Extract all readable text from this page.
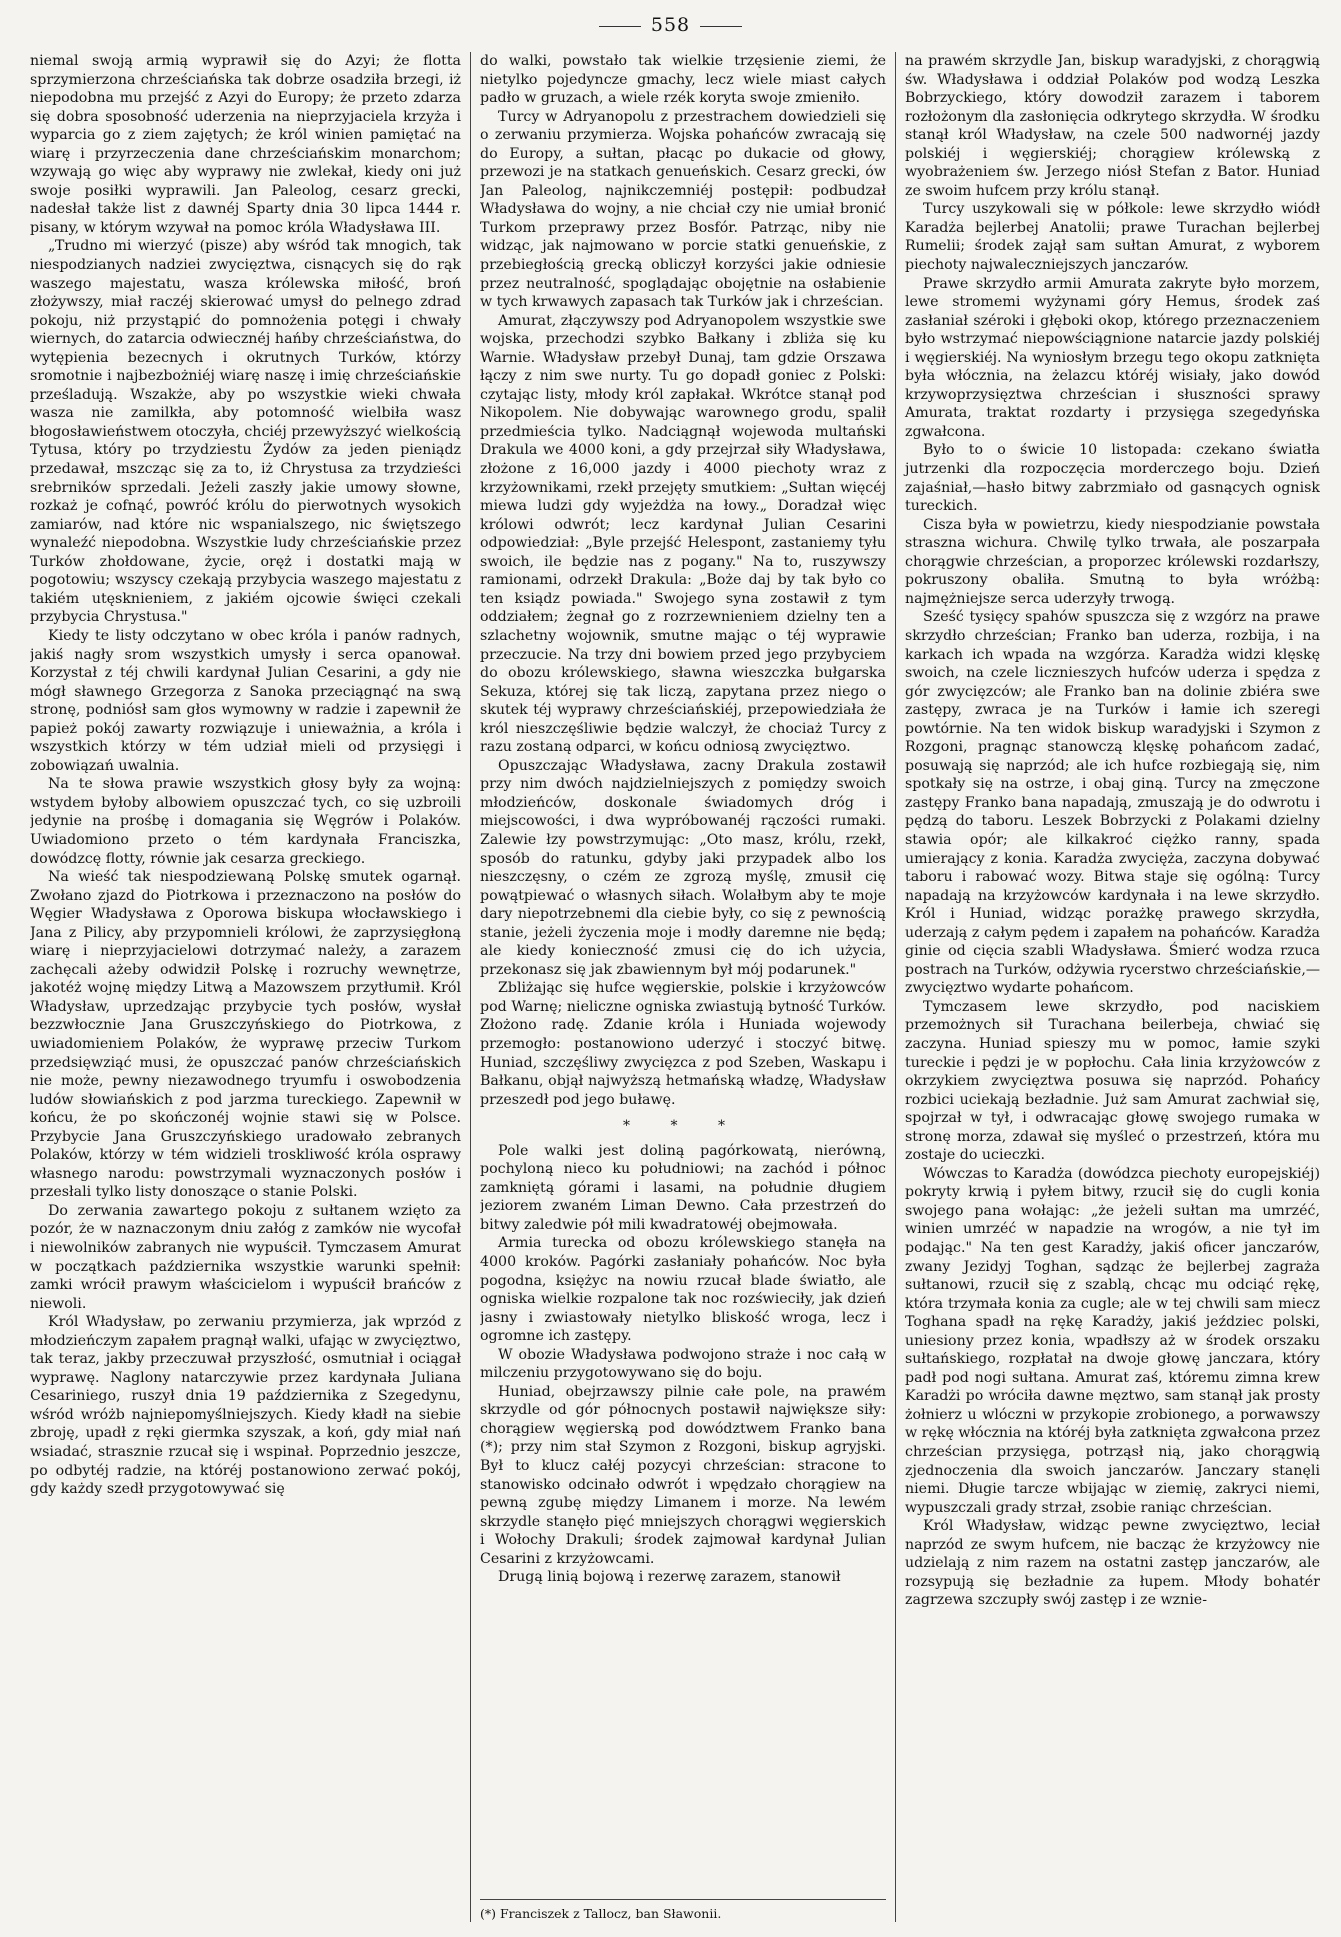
558

niemal swoją armią wyprawił się do Azyi; że flotta sprzymierzona chrześciańska tak dobrze osadziła brzegi, iż niepodobna mu przejść z Azyi do Europy; że przeto zdarza się dobra sposobność uderzenia na nieprzyjaciela krzyża i wyparcia go z ziem zajętych; że król winien pamiętać na wiarę i przyrzeczenia dane chrześciańskim monarchom; wzywają go więc aby wyprawy nie zwlekał, kiedy oni już swoje posiłki wyprawili. Jan Paleolog, cesarz grecki, nadesłał także list z dawnéj Sparty dnia 30 lipca 1444 r. pisany, w którym wzywał na pomoc króla Władysława III.

„Trudno mi wierzyć (pisze) aby wśród tak mnogich, tak niespodzianych nadziei zwycięztwa, cisnących się do rąk waszego majestatu, wasza królewska miłość, broń złożywszy, miał raczéj skierować umysł do pelnego zdrad pokoju, niż przystąpić do pomnożenia potęgi i chwały wiernych, do zatarcia odwiecznéj hańby chrześciaństwa, do wytępienia bezecnych i okrutnych Turków, którzy sromotnie i najbezbożniéj wiarę naszę i imię chrześciańskie prześladują. Wszakże, aby po wszystkie wieki chwała wasza nie zamilkła, aby potomność wielbiła wasz błogosławieństwem otoczyła, chciéj przewyższyć wielkością Tytusa, który po trzydziestu Żydów za jeden pieniądz przedawał, mszcząc się za to, iż Chrystusa za trzydzieści srebrników sprzedali. Jeżeli zaszły jakie umowy słowne, rozkaż je cofnąć, powróć królu do pierwotnych wysokich zamiarów, nad które nic wspanialszego, nic świętszego wynaleźć niepodobna. Wszystkie ludy chrześciańskie przez Turków zhołdowane, życie, oręż i dostatki mają w pogotowiu; wszyscy czekają przybycia waszego majestatu z takiém utęsknieniem, z jakiém ojcowie święci czekali przybycia Chrystusa."

Kiedy te listy odczytano w obec króla i panów radnych, jakiś nagły srom wszystkich umysły i serca opanował. Korzystał z téj chwili kardynał Julian Cesarini, a gdy nie mógł sławnego Grzegorza z Sanoka przeciągnąć na swą stronę, podniósł sam głos wymowny w radzie i zapewnił że papież pokój zawarty rozwiązuje i unieważnia, a króla i wszystkich którzy w tém udział mieli od przysięgi i zobowiązań uwalnia.

Na te słowa prawie wszystkich głosy były za wojną: wstydem byłoby albowiem opuszczać tych, co się uzbroili jedynie na prośbę i domagania się Węgrów i Polaków. Uwiadomiono przeto o tém kardynała Franciszka, dowódzcę flotty, równie jak cesarza greckiego.

Na wieść tak niespodziewaną Polskę smutek ogarnął. Zwołano zjazd do Piotrkowa i przeznaczono na posłów do Węgier Władysława z Oporowa biskupa włocławskiego i Jana z Pilicy, aby przypomnieli królowi, że zaprzysięgłoną wiarę i nieprzyjacielowi dotrzymać należy, a zarazem zachęcali ażeby odwidził Polskę i rozruchy wewnętrze, jakotéż wojnę między Litwą a Mazowszem przytłumił. Król Władysław, uprzedzając przybycie tych posłów, wysłał bezzwłocznie Jana Gruszczyńskiego do Piotrkowa, z uwiadomieniem Polaków, że wyprawę przeciw Turkom przedsięwziąć musi, że opuszczać panów chrześciańskich nie może, pewny niezawodnego tryumfu i oswobodzenia ludów słowiańskich z pod jarzma tureckiego. Zapewnił w końcu, że po skończonéj wojnie stawi się w Polsce. Przybycie Jana Gruszczyńskiego uradowało zebranych Polaków, którzy w tém widzieli troskliwość króla osprawy własnego narodu: powstrzymali wyznaczonych posłów i przesłali tylko listy donoszące o stanie Polski.

Do zerwania zawartego pokoju z sułtanem wzięto za pozór, że w naznaczonym dniu załóg z zamków nie wycofał i niewolników zabranych nie wypuścił. Tymczasem Amurat w początkach października wszystkie warunki spełnił: zamki wrócił prawym właścicielom i wypuścił brańców z niewoli.

Król Władysław, po zerwaniu przymierza, jak wprzód z młodzieńczym zapałem pragnął walki, ufając w zwycięztwo, tak teraz, jakby przeczuwał przyszłość, osmutniał i ociągał wyprawę. Naglony natarczywie przez kardynała Juliana Cesariniego, ruszył dnia 19 października z Szegedynu, wśród wróżb najniepomyślniejszych. Kiedy kładł na siebie zbroję, upadł z ręki giermka szyszak, a koń, gdy miał nań wsiadać, strasznie rzucał się i wspinał. Poprzednio jeszcze, po odbytéj radzie, na któréj postanowiono zerwać pokój, gdy każdy szedł przygotowywać się

do walki, powstało tak wielkie trzęsienie ziemi, że nietylko pojedyncze gmachy, lecz wiele miast całych padło w gruzach, a wiele rzék koryta swoje zmieniło.

Turcy w Adryanopolu z przestrachem dowiedzieli się o zerwaniu przymierza. Wojska pohańców zwracają się do Europy, a sułtan, płacąc po dukacie od głowy, przewozi je na statkach genueńskich. Cesarz grecki, ów Jan Paleolog, najnikczemniéj postępił: podbudzał Władysława do wojny, a nie chciał czy nie umiał bronić Turkom przeprawy przez Bosfór. Patrząc, niby nie widząc, jak najmowano w porcie statki genueńskie, z przebiegłością grecką obliczył korzyści jakie odniesie przez neutralność, spoglądając obojętnie na osłabienie w tych krwawych zapasach tak Turków jak i chrześcian.

Amurat, złączywszy pod Adryanopolem wszystkie swe wojska, przechodzi szybko Bałkany i zbliża się ku Warnie. Władysław przebył Dunaj, tam gdzie Orszawa łączy z nim swe nurty. Tu go dopadł goniec z Polski: czytając listy, młody król zapłakał. Wkrótce stanął pod Nikopolem. Nie dobywając warownego grodu, spalił przedmieścia tylko. Nadciągnął wojewoda multański Drakula we 4000 koni, a gdy przejrzał siły Władysława, złożone z 16,000 jazdy i 4000 piechoty wraz z krzyżownikami, rzekł przejęty smutkiem: „Sułtan więcéj miewa ludzi gdy wyjeżdża na łowy.„ Doradzał więc królowi odwrót; lecz kardynał Julian Cesarini odpowiedział: „Byle przejść Helespont, zastaniemy tyłu swoich, ile będzie nas z pogany." Na to, ruszywszy ramionami, odrzekł Drakula: „Boże daj by tak było co ten ksiądz powiada." Swojego syna zostawił z tym oddziałem; żegnał go z rozrzewnieniem dzielny ten a szlachetny wojownik, smutne mając o téj wyprawie przeczucie. Na trzy dni bowiem przed jego przybyciem do obozu królewskiego, sławna wieszczka bułgarska Sekuza, której się tak liczą, zapytana przez niego o skutek téj wyprawy chrześciańskiéj, przepowiedziała że król nieszczęśliwie będzie walczył, że chociaż Turcy z razu zostaną odparci, w końcu odniosą zwycięztwo.

Opuszczając Władysława, zacny Drakula zostawił przy nim dwóch najdzielniejszych z pomiędzy swoich młodzieńców, doskonale świadomych dróg i miejscowości, i dwa wypróbowanéj rączości rumaki. Zalewie łzy powstrzymując: „Oto masz, królu, rzekł, sposób do ratunku, gdyby jaki przypadek albo los nieszczęsny, o czém ze zgrozą myślę, zmusił cię powątpiewać o własnych siłach. Wolałbym aby te moje dary niepotrzebnemi dla ciebie były, co się z pewnością stanie, jeżeli życzenia moje i modły daremne nie będą; ale kiedy konieczność zmusi cię do ich użycia, przekonasz się jak zbawiennym był mój podarunek."

Zbliżając się hufce węgierskie, polskie i krzyżowców pod Warnę; nieliczne ogniska zwiastują bytność Turków. Złożono radę. Zdanie króla i Huniada wojewody przemogło: postanowiono uderzyć i stoczyć bitwę. Huniad, szczęśliwy zwycięzca z pod Szeben, Waskapu i Bałkanu, objął najwyższą hetmańską władzę, Władysław przeszedł pod jego buławę.

* * *

Pole walki jest doliną pagórkowatą, nierówną, pochyloną nieco ku południowi; na zachód i północ zamkniętą górami i lasami, na południe długiem jeziorem zwaném Liman Dewno. Cała przestrzeń do bitwy zaledwie pół mili kwadratowéj obejmowała.

Armia turecka od obozu królewskiego stanęła na 4000 kroków. Pagórki zasłaniały pohańców. Noc była pogodna, księżyc na nowiu rzucał blade światło, ale ogniska wielkie rozpalone tak noc rozświeciły, jak dzień jasny i zwiastowały nietylko bliskość wroga, lecz i ogromne ich zastępy.

W obozie Władysława podwojono straże i noc całą w milczeniu przygotowywano się do boju.

Huniad, obejrzawszy pilnie całe pole, na prawém skrzydle od gór północnych postawił największe siły: chorągiew węgierską pod dowództwem Franko bana (*); przy nim stał Szymon z Rozgoni, biskup agryjski. Był to klucz całéj pozycyi chrześcian: stracone to stanowisko odcinało odwrót i wpędzało chorągiew na pewną zgubę między Limanem i morze. Na lewém skrzydle stanęło pięć mniejszych chorągwi węgierskich i Wołochy Drakuli; środek zajmował kardynał Julian Cesarini z krzyżowcami.

Drugą linią bojową i rezerwę zarazem, stanowił

(*) Franciszek z Tallocz, ban Sławonii.

na prawém skrzydle Jan, biskup waradyjski, z chorągwią św. Władysława i oddział Polaków pod wodzą Leszka Bobrzyckiego, który dowodził zarazem i taborem rozłożonym dla zasłonięcia odkrytego skrzydła. W środku stanął król Władysław, na czele 500 nadwornéj jazdy polskiéj i węgierskiéj; chorągiew królewską z wyobrażeniem św. Jerzego niósł Stefan z Bator. Huniad ze swoim hufcem przy królu stanął.

Turcy uszykowali się w półkole: lewe skrzydło wiódł Karadża bejlerbej Anatolii; prawe Turachan bejlerbej Rumelii; środek zajął sam sułtan Amurat, z wyborem piechoty najwaleczniejszych janczarów.

Prawe skrzydło armii Amurata zakryte było morzem, lewe stromemi wyżynami góry Hemus, środek zaś zasłaniał széroki i głęboki okop, którego przeznaczeniem było wstrzymać niepowściągnione natarcie jazdy polskiéj i węgierskiéj. Na wyniosłym brzegu tego okopu zatknięta była włócznia, na żelazcu któréj wisiały, jako dowód krzywoprzysięztwa chrześcian i słuszności sprawy Amurata, traktat rozdarty i przysięga szegedyńska zgwałcona.

Było to o świcie 10 listopada: czekano światła jutrzenki dla rozpoczęcia morderczego boju. Dzień zajaśniał,—hasło bitwy zabrzmiało od gasnących ognisk tureckich.

Cisza była w powietrzu, kiedy niespodzianie powstała straszna wichura. Chwilę tylko trwała, ale poszarpała chorągwie chrześcian, a proporzec królewski rozdarłszy, pokruszony obaliła. Smutną to była wróżbą: najmężniejsze serca uderzyły trwogą.

Sześć tysięcy spahów spuszcza się z wzgórz na prawe skrzydło chrześcian; Franko ban uderza, rozbija, i na karkach ich wpada na wzgórza. Karadża widzi klęskę swoich, na czele licznieszych hufców uderza i spędza z gór zwycięzców; ale Franko ban na dolinie zbiéra swe zastępy, zwraca je na Turków i łamie ich szeregi powtórnie. Na ten widok biskup waradyjski i Szymon z Rozgoni, pragnąc stanowczą klęskę pohańcom zadać, posuwają się naprzód; ale ich hufce rozbiegają się, nim spotkały się na ostrze, i obaj giną. Turcy na zmęczone zastępy Franko bana napadają, zmuszają je do odwrotu i pędzą do taboru. Leszek Bobrzycki z Polakami dzielny stawia opór; ale kilkakroć ciężko ranny, spada umierający z konia. Karadża zwycięża, zaczyna dobywać taboru i rabować wozy. Bitwa staje się ogólną: Turcy napadają na krzyżowców kardynała i na lewe skrzydło. Król i Huniad, widząc porażkę prawego skrzydła, uderzają z całym pędem i zapałem na pohańców. Karadża ginie od cięcia szabli Władysława. Śmierć wodza rzuca postrach na Turków, odżywia rycerstwo chrześciańskie,—zwycięztwo wydarte pohańcom.

Tymczasem lewe skrzydło, pod naciskiem przemożnych sił Turachana beilerbeja, chwiać się zaczyna. Huniad spieszy mu w pomoc, łamie szyki tureckie i pędzi je w popłochu. Cała linia krzyżowców z okrzykiem zwycięztwa posuwa się naprzód. Pohańcy rozbici uciekają bezładnie. Już sam Amurat zachwiał się, spojrzał w tył, i odwracając głowę swojego rumaka w stronę morza, zdawał się myśleć o przestrzeń, która mu zostaje do ucieczki.

Wówczas to Karadża (dowódzca piechoty europejskiéj) pokryty krwią i pyłem bitwy, rzucił się do cugli konia swojego pana wołając: „że jeżeli sułtan ma umrzéć, winien umrzéć w napadzie na wrogów, a nie tył im podając." Na ten gest Karadży, jakiś oficer janczarów, zwany Jezidyj Toghan, sądząc że bejlerbej zagraża sułtanowi, rzucił się z szablą, chcąc mu odciąć rękę, która trzymała konia za cugle; ale w tej chwili sam miecz Toghana spadł na rękę Karadży, jakiś jeździec polski, uniesiony przez konia, wpadłszy aż w środek orszaku sułtańskiego, rozpłatał na dwoje głowę janczara, który padł pod nogi sułtana. Amurat zaś, któremu zimna krew Karadżi po wróciła dawne męztwo, sam stanął jak prosty żołnierz u wlóczni w przykopie zrobionego, a porwawszy w rękę włócznia na któréj była zatknięta zgwałcona przez chrześcian przysięga, potrząsł nią, jako chorągwią zjednoczenia dla swoich janczarów. Janczary stanęli niemi. Długie tarcze wbijając w ziemię, zakryci niemi, wypuszczali grady strzał, zsobie raniąc chrześcian.

Król Władysław, widząc pewne zwycięztwo, leciał naprzód ze swym hufcem, nie bacząc że krzyżowcy nie udzielają z nim razem na ostatni zastęp janczarów, ale rozsypują się bezładnie za łupem. Młody bohatér zagrzewa szczupły swój zastęp i ze wznie-
